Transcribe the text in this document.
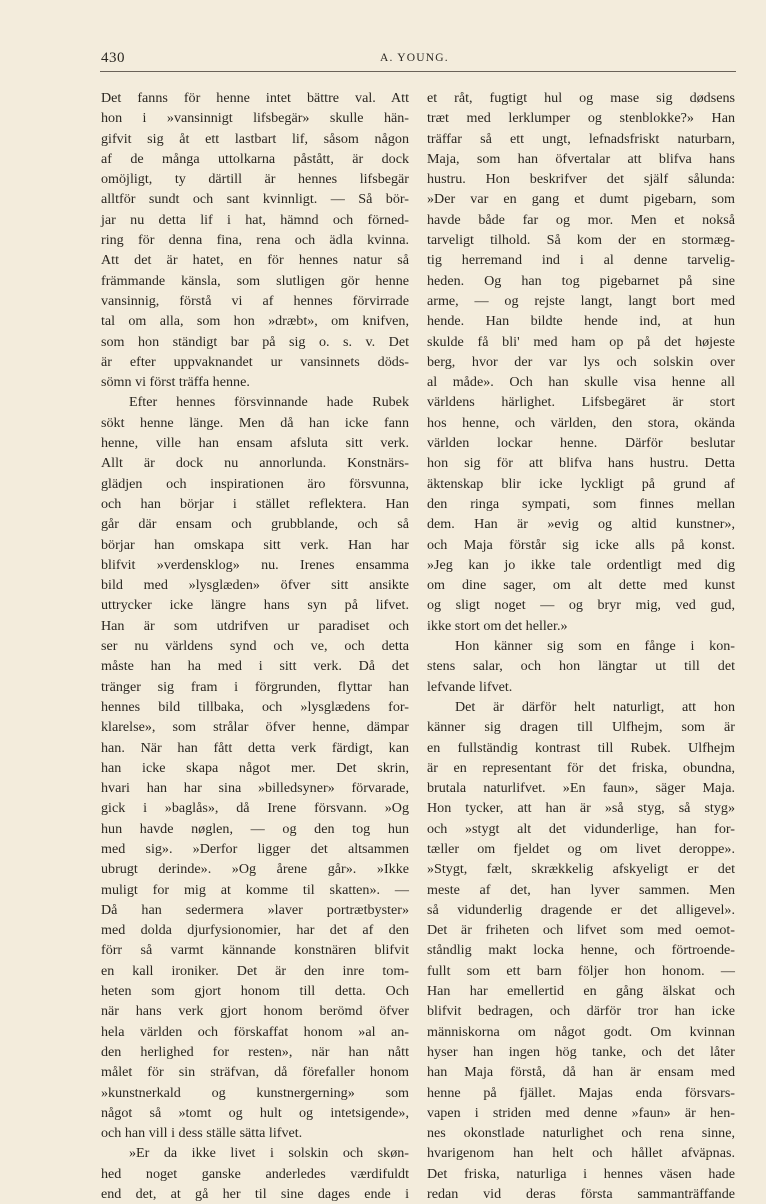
430	A. YOUNG.
Det fanns för henne intet bättre val. Att
hon i »vansinnigt lifsbegär» skulle hän-
gifvit sig åt ett lastbart lif, såsom någon
af de många uttolkarna påstått, är dock
omöjligt, ty därtill är hennes lifsbegär
alltför sundt och sant kvinnligt. — Så bör-
jar nu detta lif i hat, hämnd och förned-
ring för denna fina, rena och ädla kvinna.
Att det är hatet, en för hennes natur så
främmande känsla, som slutligen gör henne
vansinnig, förstå vi af hennes förvirrade
tal om alla, som hon »dræbt», om knifven,
som hon ständigt bar på sig o. s. v. Det
är efter uppvaknandet ur vansinnets döds-
sömn vi först träffa henne.
Efter hennes försvinnande hade Rubek
sökt henne länge. Men då han icke fann
henne, ville han ensam afsluta sitt verk.
Allt är dock nu annorlunda. Konstnärs-
glädjen och inspirationen äro försvunna,
och han börjar i stället reflektera. Han
går där ensam och grubblande, och så
börjar han omskapa sitt verk. Han har
blifvit »verdensklog» nu. Irenes ensamma
bild med »lysglæden» öfver sitt ansikte
uttrycker icke längre hans syn på lifvet.
Han är som utdrifven ur paradiset och
ser nu världens synd och ve, och detta
måste han ha med i sitt verk. Då det
tränger sig fram i förgrunden, flyttar han
hennes bild tillbaka, och »lysglædens for-
klarelse», som strålar öfver henne, dämpar
han. När han fått detta verk färdigt, kan
han icke skapa något mer. Det skrin,
hvari han har sina »billedsyner» förvarade,
gick i »baglås», då Irene försvann. »Og
hun havde nøglen, — og den tog hun
med sig». »Derfor ligger det altsammen
ubrugt derinde». »Og årene går». »Ikke
muligt for mig at komme til skatten». —
Då han sedermera »laver portrætbyster»
med dolda djurfysionomier, har det af den
förr så varmt kännande konstnären blifvit
en kall ironiker. Det är den inre tom-
heten som gjort honom till detta. Och
när hans verk gjort honom berömd öfver
hela världen och förskaffat honom »al an-
den herlighed for resten», när han nått
målet för sin sträfvan, då förefaller honom
»kunstnerkald og kunstnergerning» som
något så »tomt og hult og intetsigende»,
och han vill i dess ställe sätta lifvet.
»Er da ikke livet i solskin och skøn-
hed noget ganske anderledes værdifuldt
end det, at gå her til sine dages ende i
et råt, fugtigt hul og mase sig dødsens
træt med lerklumper og stenblokke?» Han
träffar så ett ungt, lefnadsfriskt naturbarn,
Maja, som han öfvertalar att blifva hans
hustru. Hon beskrifver det själf sålunda:
»Der var en gang et dumt pigebarn, som
havde både far og mor. Men et nokså
tarveligt tilhold. Så kom der en stormæg-
tig herremand ind i al denne tarvelig-
heden. Og han tog pigebarnet på sine
arme, — og rejste langt, langt bort med
hende. Han bildte hende ind, at hun
skulde få bli' med ham op på det højeste
berg, hvor der var lys och solskin over
al måde». Och han skulle visa henne all
världens härlighet. Lifsbegäret är stort
hos henne, och världen, den stora, okända
världen lockar henne. Därför beslutar
hon sig för att blifva hans hustru. Detta
äktenskap blir icke lyckligt på grund af
den ringa sympati, som finnes mellan
dem. Han är »evig og altid kunstner»,
och Maja förstår sig icke alls på konst.
»Jeg kan jo ikke tale ordentligt med dig
om dine sager, om alt dette med kunst
og sligt noget — og bryr mig, ved gud,
ikke stort om det heller.»
Hon känner sig som en fånge i kon-
stens salar, och hon längtar ut till det
lefvande lifvet.
Det är därför helt naturligt, att hon
känner sig dragen till Ulfhejm, som är
en fullständig kontrast till Rubek. Ulfhejm
är en representant för det friska, obundna,
brutala naturlifvet. »En faun», säger Maja.
Hon tycker, att han är »så styg, så styg»
och »stygt alt det vidunderlige, han for-
tæller om fjeldet og om livet deroppe».
»Stygt, fælt, skrækkelig afskyeligt er det
meste af det, han lyver sammen. Men
så vidunderlig dragende er det alligevel».
Det är friheten och lifvet som med oemot-
ståndlig makt locka henne, och förtroende-
fullt som ett barn följer hon honom. —
Han har emellertid en gång älskat och
blifvit bedragen, och därför tror han icke
människorna om något godt. Om kvinnan
hyser han ingen hög tanke, och det låter
han Maja förstå, då han är ensam med
henne på fjället. Majas enda försvars-
vapen i striden med denne »faun» är hen-
nes okonstlade naturlighet och rena sinne,
hvarigenom han helt och hållet afväpnas.
Det friska, naturliga i hennes väsen hade
redan vid deras första sammanträffande
